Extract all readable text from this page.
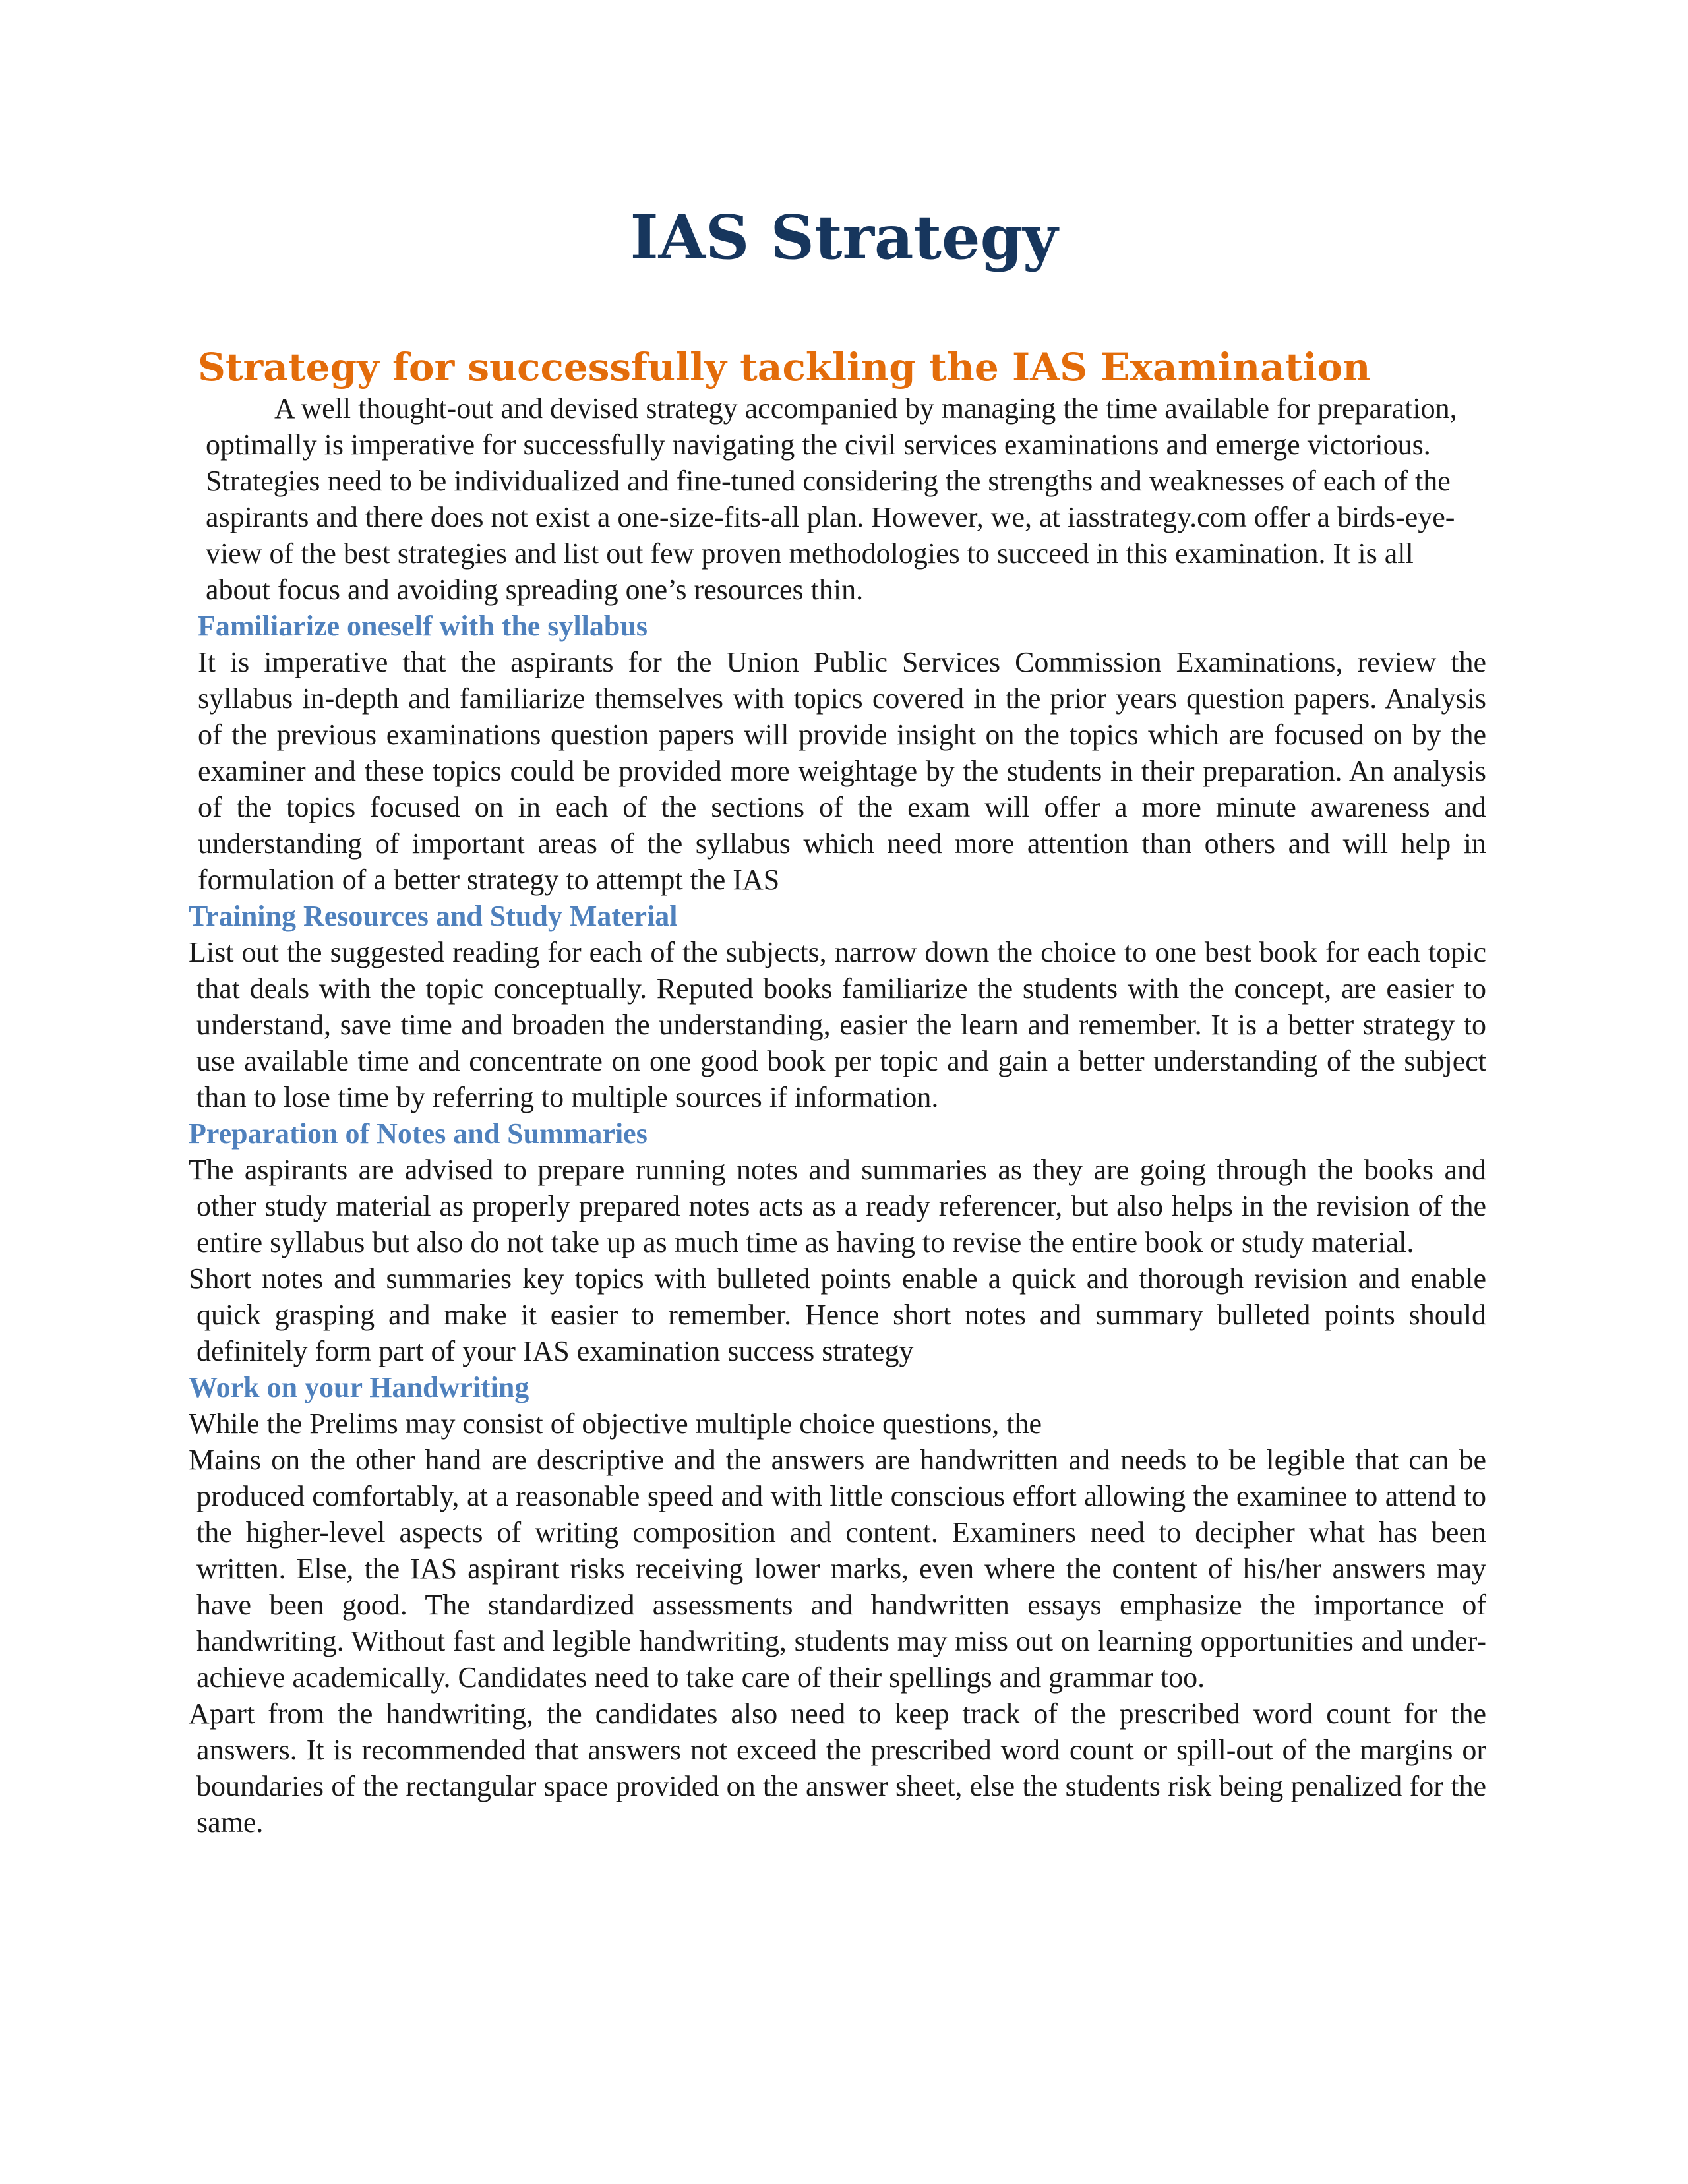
IAS Strategy
Strategy for successfully tackling the IAS Examination

A well thought-out and devised strategy accompanied by managing the time available for preparation, optimally is imperative for successfully navigating the civil services examinations and emerge victorious. Strategies need to be individualized and fine-tuned considering the strengths and weaknesses of each of the aspirants and there does not exist a one-size-fits-all plan. However, we, at iasstrategy.com offer a birds-eye-view of the best strategies and list out few proven methodologies to succeed in this examination. It is all about focus and avoiding spreading one’s resources thin.

Familiarize oneself with the syllabus

It is imperative that the aspirants for the Union Public Services Commission Examinations, review the syllabus in-depth and familiarize themselves with topics covered in the prior years question papers. Analysis of the previous examinations question papers will provide insight on the topics which are focused on by the examiner and these topics could be provided more weightage by the students in their preparation. An analysis of the topics focused on in each of the sections of the exam will offer a more minute awareness and understanding of important areas of the syllabus which need more attention than others and will help in formulation of a better strategy to attempt the IAS

Training Resources and Study Material

List out the suggested reading for each of the subjects, narrow down the choice to one best book for each topic that deals with the topic conceptually. Reputed books familiarize the students with the concept, are easier to understand, save time and broaden the understanding, easier the learn and remember. It is a better strategy to use available time and concentrate on one good book per topic and gain a better understanding of the subject than to lose time by referring to multiple sources if information.

Preparation of Notes and Summaries

The aspirants are advised to prepare running notes and summaries as they are going through the books and other study material as properly prepared notes acts as a ready referencer, but also helps in the revision of the entire syllabus but also do not take up as much time as having to revise the entire book or study material.

Short notes and summaries key topics with bulleted points enable a quick and thorough revision and enable quick grasping and make it easier to remember. Hence short notes and summary bulleted points should definitely form part of your IAS examination success strategy

Work on your Handwriting

While the Prelims may consist of objective multiple choice questions, the

Mains on the other hand are descriptive and the answers are handwritten and needs to be legible that can be produced comfortably, at a reasonable speed and with little conscious effort allowing the examinee to attend to the higher-level aspects of writing composition and content. Examiners need to decipher what has been written. Else, the IAS aspirant risks receiving lower marks, even where the content of his/her answers may have been good. The standardized assessments and handwritten essays emphasize the importance of handwriting. Without fast and legible handwriting, students may miss out on learning opportunities and under-achieve academically. Candidates need to take care of their spellings and grammar too.

Apart from the handwriting, the candidates also need to keep track of the prescribed word count for the answers. It is recommended that answers not exceed the prescribed word count or spill-out of the margins or boundaries of the rectangular space provided on the answer sheet, else the students risk being penalized for the same.
